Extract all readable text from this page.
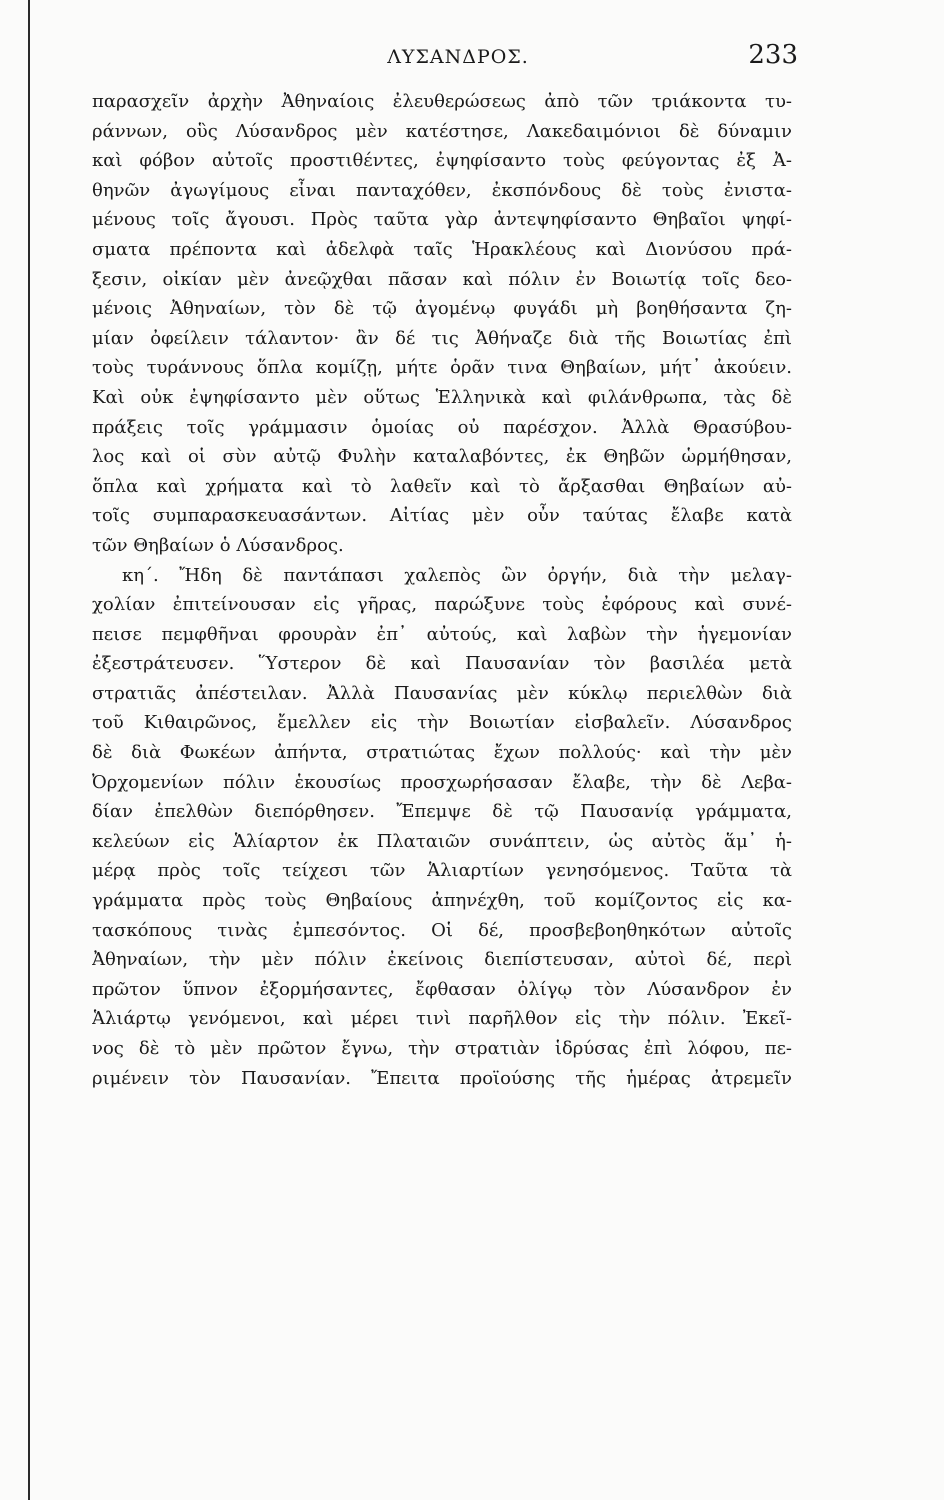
ΛΥΣΑΝΔΡΟΣ.	233
παρασχεῖν ἀρχὴν Ἀθηναίοις ἐλευθερώσεως ἀπὸ τῶν τριάκοντα τυ-
ράννων, οὓς Λύσανδρος μὲν κατέστησε, Λακεδαιμόνιοι δὲ δύναμιν
καὶ φόβον αὐτοῖς προστιθέντες, ἐψηφίσαντο τοὺς φεύγοντας ἐξ Ἀ-
θηνῶν ἀγωγίμους εἶναι πανταχόθεν, ἐκσπόνδους δὲ τοὺς ἐνιστα-
μένους τοῖς ἄγουσι. Πρὸς ταῦτα γὰρ ἀντεψηφίσαντο Θηβαῖοι ψηφί-
σματα πρέποντα καὶ ἀδελφὰ ταῖς Ἡρακλέους καὶ Διονύσου πρά-
ξεσιν, οἰκίαν μὲν ἀνεῷχθαι πᾶσαν καὶ πόλιν ἐν Βοιωτίᾳ τοῖς δεο-
μένοις Ἀθηναίων, τὸν δὲ τῷ ἀγομένῳ φυγάδι μὴ βοηθήσαντα ζη-
μίαν ὀφείλειν τάλαντον· ἂν δέ τις Ἀθήναζε διὰ τῆς Βοιωτίας ἐπὶ
τοὺς τυράννους ὅπλα κομίζῃ, μήτε ὁρᾶν τινα Θηβαίων, μήτ᾽ ἀκούειν.
Καὶ οὐκ ἐψηφίσαντο μὲν οὕτως Ἑλληνικὰ καὶ φιλάνθρωπα, τὰς δὲ
πράξεις τοῖς γράμμασιν ὁμοίας οὐ παρέσχον. Ἀλλὰ Θρασύβου-
λος καὶ οἱ σὺν αὐτῷ Φυλὴν καταλαβόντες, ἐκ Θηβῶν ὡρμήθησαν,
ὅπλα καὶ χρήματα καὶ τὸ λαθεῖν καὶ τὸ ἄρξασθαι Θηβαίων αὐ-
τοῖς συμπαρασκευασάντων. Αἰτίας μὲν οὖν ταύτας ἔλαβε κατὰ
τῶν Θηβαίων ὁ Λύσανδρος.
κη΄. Ἤδη δὲ παντάπασι χαλεπὸς ὢν ὀργήν, διὰ τὴν μελαγ-
χολίαν ἐπιτείνουσαν εἰς γῆρας, παρώξυνε τοὺς ἐφόρους καὶ συνέ-
πεισε πεμφθῆναι φρουρὰν ἐπ᾽ αὐτούς, καὶ λαβὼν τὴν ἡγεμονίαν
ἐξεστράτευσεν. Ὕστερον δὲ καὶ Παυσανίαν τὸν βασιλέα μετὰ
στρατιᾶς ἀπέστειλαν. Ἀλλὰ Παυσανίας μὲν κύκλῳ περιελθὼν διὰ
τοῦ Κιθαιρῶνος, ἔμελλεν εἰς τὴν Βοιωτίαν εἰσβαλεῖν. Λύσανδρος
δὲ διὰ Φωκέων ἀπήντα, στρατιώτας ἔχων πολλούς· καὶ τὴν μὲν
Ὀρχομενίων πόλιν ἑκουσίως προσχωρήσασαν ἔλαβε, τὴν δὲ Λεβα-
δίαν ἐπελθὼν διεπόρθησεν. Ἔπεμψε δὲ τῷ Παυσανίᾳ γράμματα,
κελεύων εἰς Ἁλίαρτον ἐκ Πλαταιῶν συνάπτειν, ὡς αὐτὸς ἅμ᾽ ἡ-
μέρᾳ πρὸς τοῖς τείχεσι τῶν Ἁλιαρτίων γενησόμενος. Ταῦτα τὰ
γράμματα πρὸς τοὺς Θηβαίους ἀπηνέχθη, τοῦ κομίζοντος εἰς κα-
τασκόπους τινὰς ἐμπεσόντος. Οἱ δέ, προσβεβοηθηκότων αὐτοῖς
Ἀθηναίων, τὴν μὲν πόλιν ἐκείνοις διεπίστευσαν, αὐτοὶ δέ, περὶ
πρῶτον ὕπνον ἐξορμήσαντες, ἔφθασαν ὀλίγῳ τὸν Λύσανδρον ἐν
Ἁλιάρτῳ γενόμενοι, καὶ μέρει τινὶ παρῆλθον εἰς τὴν πόλιν. Ἐκεῖ-
νος δὲ τὸ μὲν πρῶτον ἔγνω, τὴν στρατιὰν ἱδρύσας ἐπὶ λόφου, πε-
ριμένειν τὸν Παυσανίαν. Ἔπειτα προϊούσης τῆς ἡμέρας ἀτρεμεῖν
